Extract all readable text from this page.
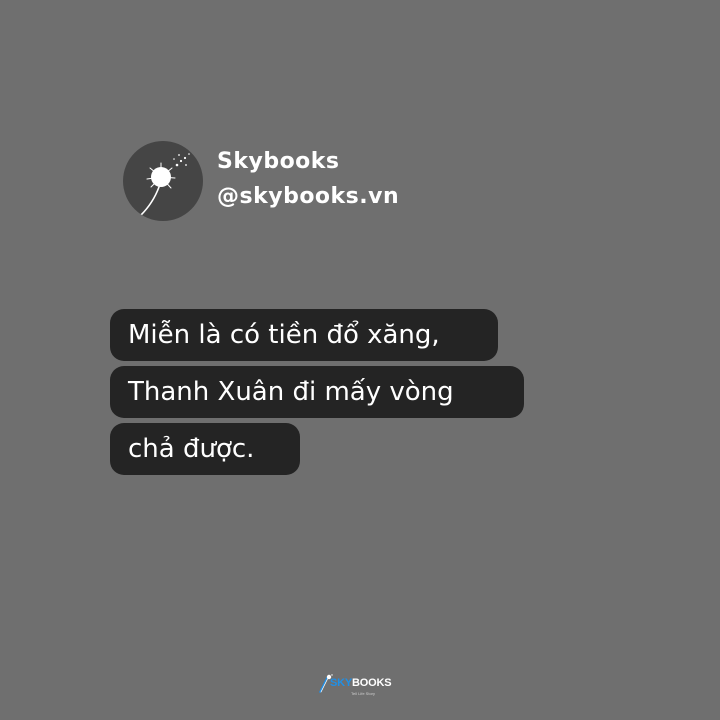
Skybooks
@skybooks.vn
Miễn là có tiền đổ xăng,
Thanh Xuân đi mấy vòng
chả được.
SKYBOOKS
Tell Life Story
